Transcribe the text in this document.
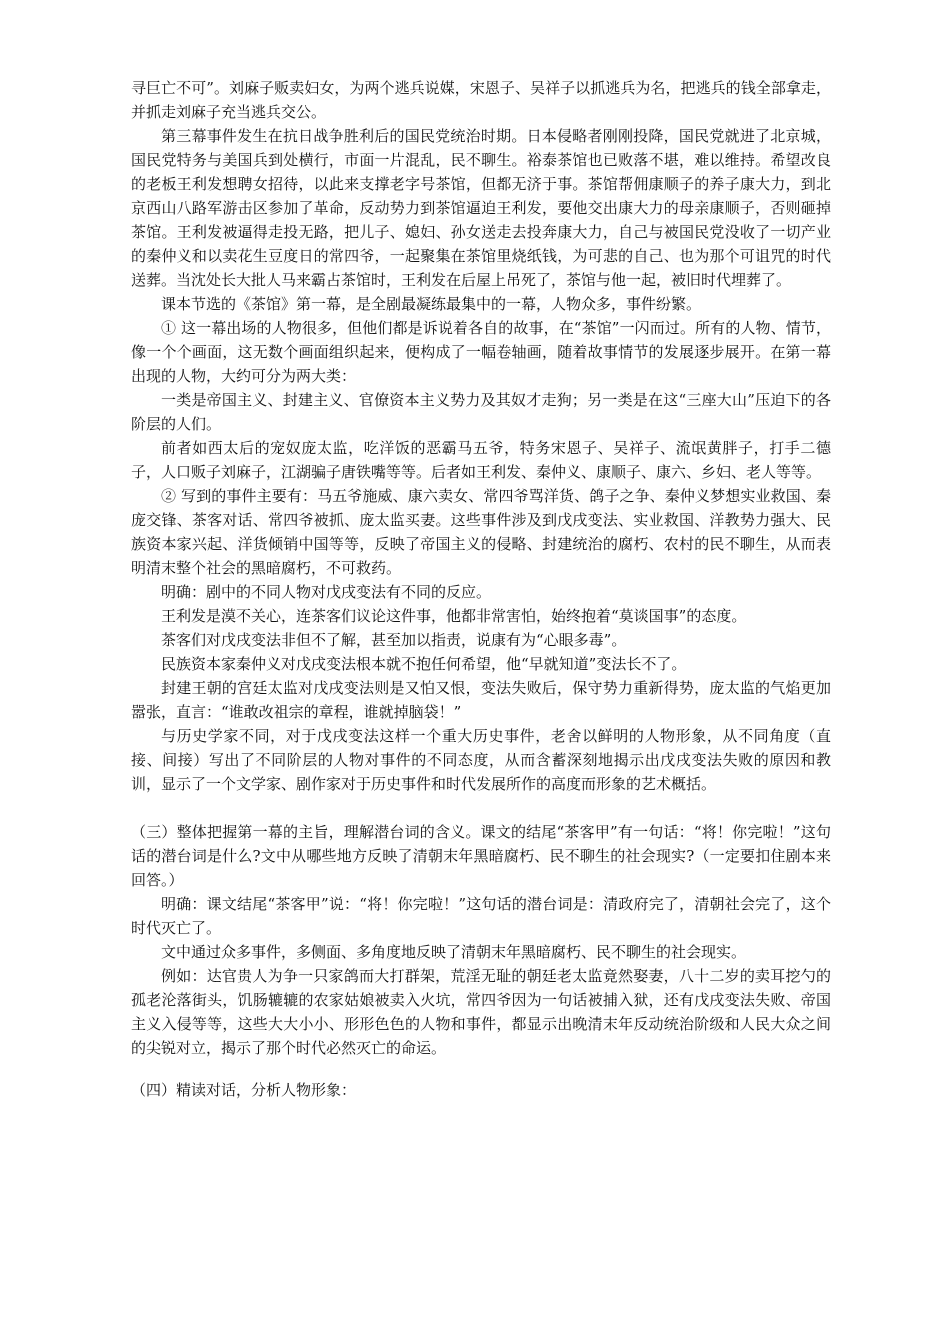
寻巨亡不可”。刘麻子贩卖妇女，为两个逃兵说媒，宋恩子、吴祥子以抓逃兵为名，把逃兵的钱全部拿走，并抓走刘麻子充当逃兵交公。

第三幕事件发生在抗日战争胜利后的国民党统治时期。日本侵略者刚刚投降，国民党就进了北京城，国民党特务与美国兵到处横行，市面一片混乱，民不聊生。裕泰茶馆也已败落不堪，难以维持。希望改良的老板王利发想聘女招待，以此来支撑老字号茶馆，但都无济于事。茶馆帮佣康顺子的养子康大力，到北京西山八路军游击区参加了革命，反动势力到茶馆逼迫王利发，要他交出康大力的母亲康顺子，否则砸掉茶馆。王利发被逼得走投无路，把儿子、媳妇、孙女送走去投奔康大力，自己与被国民党没收了一切产业的秦仲义和以卖花生豆度日的常四爷，一起聚集在茶馆里烧纸钱，为可悲的自己、也为那个可诅咒的时代送葬。当沈处长大批人马来霸占茶馆时，王利发在后屋上吊死了，茶馆与他一起，被旧时代埋葬了。

课本节选的《茶馆》第一幕，是全剧最凝练最集中的一幕，人物众多，事件纷繁。

① 这一幕出场的人物很多，但他们都是诉说着各自的故事，在“茶馆”一闪而过。所有的人物、情节，像一个个画面，这无数个画面组织起来，便构成了一幅卷轴画，随着故事情节的发展逐步展开。在第一幕出现的人物，大约可分为两大类：

一类是帝国主义、封建主义、官僚资本主义势力及其奴才走狗；另一类是在这“三座大山”压迫下的各阶层的人们。

前者如西太后的宠奴庞太监，吃洋饭的恶霸马五爷，特务宋恩子、吴祥子、流氓黄胖子，打手二德子，人口贩子刘麻子，江湖骗子唐铁嘴等等。后者如王利发、秦仲义、康顺子、康六、乡妇、老人等等。

② 写到的事件主要有：马五爷施威、康六卖女、常四爷骂洋货、鸽子之争、秦仲义梦想实业救国、秦庞交锋、茶客对话、常四爷被抓、庞太监买妻。这些事件涉及到戊戌变法、实业救国、洋教势力强大、民族资本家兴起、洋货倾销中国等等，反映了帝国主义的侵略、封建统治的腐朽、农村的民不聊生，从而表明清末整个社会的黑暗腐朽，不可救药。

明确：剧中的不同人物对戊戌变法有不同的反应。

王利发是漠不关心，连茶客们议论这件事，他都非常害怕，始终抱着“莫谈国事”的态度。

茶客们对戊戌变法非但不了解，甚至加以指责，说康有为“心眼多毒”。

民族资本家秦仲义对戊戌变法根本就不抱任何希望，他“早就知道”变法长不了。

封建王朝的宫廷太监对戊戌变法则是又怕又恨，变法失败后，保守势力重新得势，庞太监的气焰更加嚣张，直言：“谁敢改祖宗的章程，谁就掉脑袋！”

与历史学家不同，对于戊戌变法这样一个重大历史事件，老舍以鲜明的人物形象，从不同角度（直接、间接）写出了不同阶层的人物对事件的不同态度，从而含蓄深刻地揭示出戊戌变法失败的原因和教训，显示了一个文学家、剧作家对于历史事件和时代发展所作的高度而形象的艺术概括。

（三）整体把握第一幕的主旨，理解潜台词的含义。课文的结尾“茶客甲”有一句话：“将！你完啦！”这句话的潜台词是什么?文中从哪些地方反映了清朝末年黑暗腐朽、民不聊生的社会现实?（一定要扣住剧本来回答。）

明确：课文结尾“茶客甲”说：“将！你完啦！”这句话的潜台词是：清政府完了，清朝社会完了，这个时代灭亡了。

文中通过众多事件，多侧面、多角度地反映了清朝末年黑暗腐朽、民不聊生的社会现实。

例如：达官贵人为争一只家鸽而大打群架，荒淫无耻的朝廷老太监竟然娶妻，八十二岁的卖耳挖勺的孤老沦落街头，饥肠辘辘的农家姑娘被卖入火坑，常四爷因为一句话被捕入狱，还有戊戌变法失败、帝国主义入侵等等，这些大大小小、形形色色的人物和事件，都显示出晚清末年反动统治阶级和人民大众之间的尖锐对立，揭示了那个时代必然灭亡的命运。

（四）精读对话，分析人物形象：
